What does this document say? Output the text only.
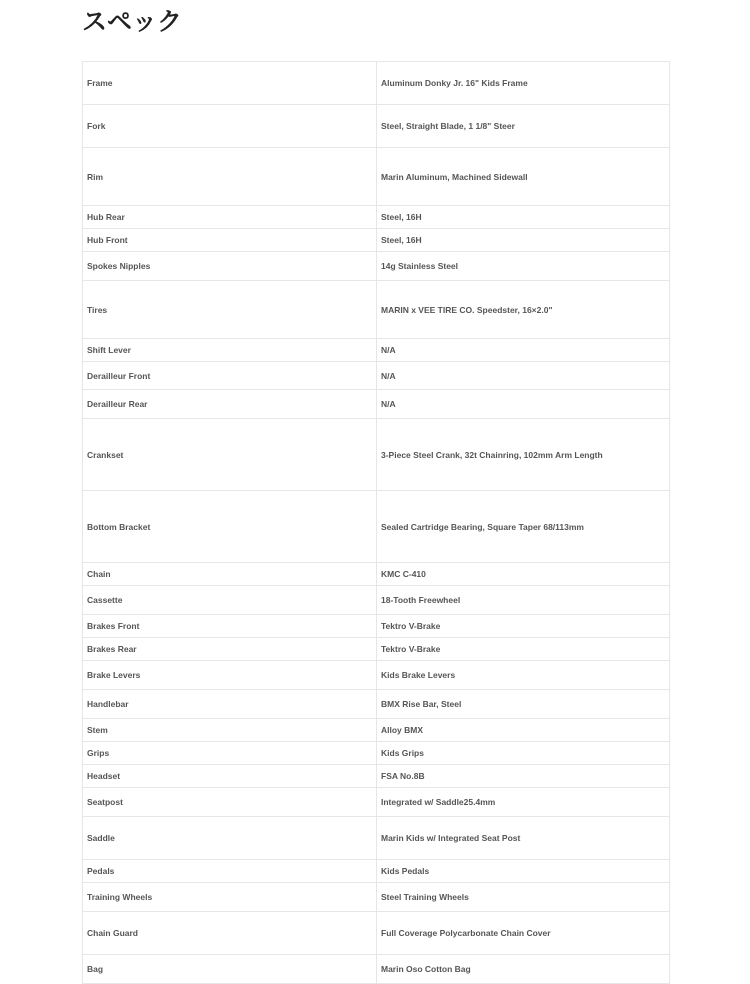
スペック
Frame	Aluminum Donky Jr. 16" Kids Frame
Fork	Steel, Straight Blade, 1 1/8" Steer
Rim	Marin Aluminum, Machined Sidewall
Hub Rear	Steel, 16H
Hub Front	Steel, 16H
Spokes Nipples	14g Stainless Steel
Tires	MARIN x VEE TIRE CO. Speedster, 16×2.0"
Shift Lever	N/A
Derailleur Front	N/A
Derailleur Rear	N/A
Crankset	3-Piece Steel Crank, 32t Chainring, 102mm Arm Length
Bottom Bracket	Sealed Cartridge Bearing, Square Taper 68/113mm
Chain	KMC C-410
Cassette	18-Tooth Freewheel
Brakes Front	Tektro V-Brake
Brakes Rear	Tektro V-Brake
Brake Levers	Kids Brake Levers
Handlebar	BMX Rise Bar, Steel
Stem	Alloy BMX
Grips	Kids Grips
Headset	FSA No.8B
Seatpost	Integrated w/ Saddle25.4mm
Saddle	Marin Kids w/ Integrated Seat Post
Pedals	Kids Pedals
Training Wheels	Steel Training Wheels
Chain Guard	Full Coverage Polycarbonate Chain Cover
Bag	Marin Oso Cotton Bag
